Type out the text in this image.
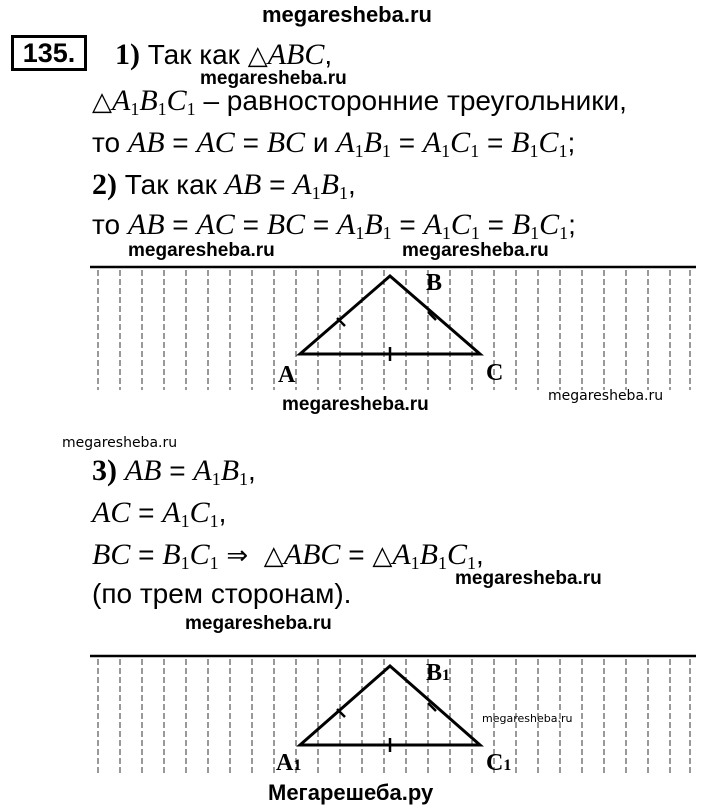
megaresheba.ru
megaresheba.ru
megaresheba.ru	megaresheba.ru
megaresheba.ru	megaresheba.ru
megaresheba.ru
megaresheba.ru
megaresheba.ru
megaresheba.ru
Мегарешеба.ру
135.	1) Так как △ABC,
$\triangle A_1B_1C_1$ – равносторонние треугольники,
то AB = AC = BC и $A_1B_1 = A_1C_1 = B_1C_1$;
2) Так как AB = $A_1B_1$,
то AB = AC = BC = $A_1B_1 = A_1C_1 = B_1C_1$;
A
B
C
3) AB = $A_1B_1$,
AC = $A_1C_1$,
BC = $B_1C_1$ ⇒ △ABC = $\triangle A_1B_1C_1$,
(по трем сторонам).
A1
B1
C1
